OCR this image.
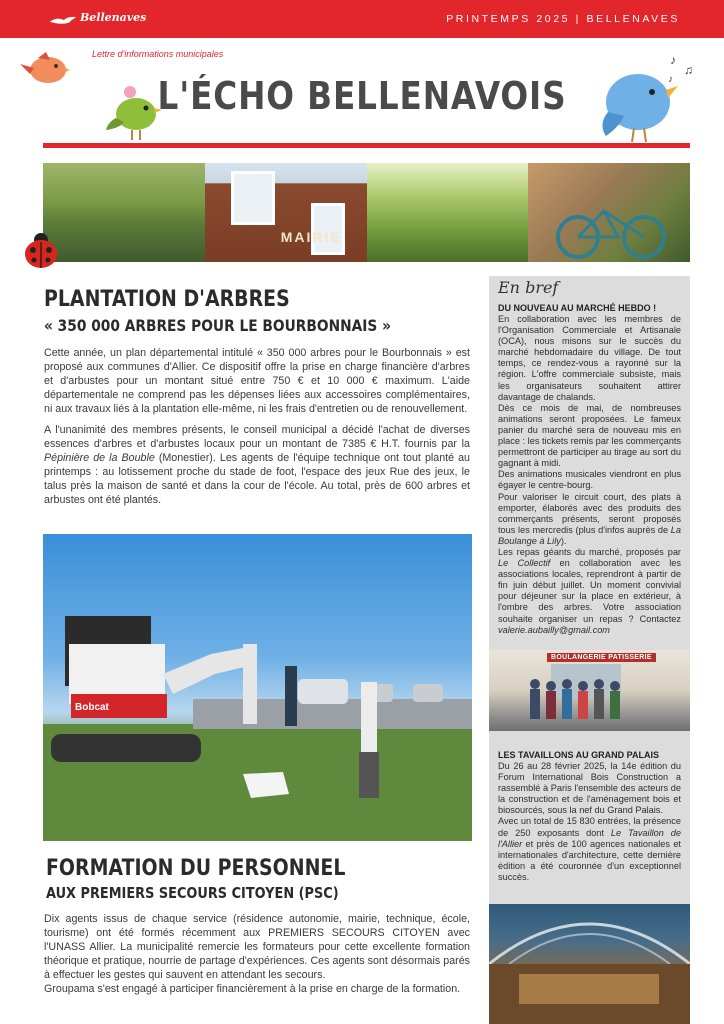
Bellenaves	PRINTEMPS 2025 | BELLENAVES
Lettre d'informations municipales	♪
♫
♪
L'ÉCHO BELLENAVOIS
MAIRIE
PLANTATION D'ARBRES
« 350 000 ARBRES POUR LE BOURBONNAIS »

Cette année, un plan départemental intitulé « 350 000 arbres pour le Bourbonnais » est proposé aux communes d'Allier. Ce dispositif offre la prise en charge financière d'arbres et d'arbustes pour un montant situé entre 750 € et 10 000 € maximum. L'aide départementale ne comprend pas les dépenses liées aux accessoires complémentaires, ni aux travaux liés à la plantation elle-même, ni les frais d'entretien ou de renouvellement.

A l'unanimité des membres présents, le conseil municipal a décidé l'achat de diverses essences d'arbres et d'arbustes locaux pour un montant de 7385 € H.T. fournis par la Pépinière de la Bouble (Monestier). Les agents de l'équipe technique ont tout planté au printemps : au lotissement proche du stade de foot, l'espace des jeux Rue des jeux, le talus près la maison de santé et dans la cour de l'école. Au total, près de 600 arbres et arbustes ont été plantés.

Bobcat
FORMATION DU PERSONNEL
AUX PREMIERS SECOURS CITOYEN (PSC)

Dix agents issus de chaque service (résidence autonomie, mairie, technique, école, tourisme) ont été formés récemment aux PREMIERS SECOURS CITOYEN avec l'UNASS Allier. La municipalité remercie les formateurs pour cette excellente formation théorique et pratique, nourrie de partage d'expériences. Ces agents sont désormais parés à effectuer les gestes qui sauvent en attendant les secours.

Groupama s'est engagé à participer financièrement à la prise en charge de la formation.

En bref
DU NOUVEAU AU MARCHÉ HEBDO !

En collaboration avec les membres de l'Organisation Commerciale et Artisanale (OCA), nous misons sur le succès du marché hebdomadaire du village. De tout temps, ce rendez-vous a rayonné sur la région. L'offre commerciale subsiste, mais les organisateurs souhaitent attirer davantage de chalands.

Dès ce mois de mai, de nombreuses animations seront proposées. Le fameux panier du marché sera de nouveau mis en place : les tickets remis par les commerçants permettront de participer au tirage au sort du gagnant à midi.

Des animations musicales viendront en plus égayer le centre-bourg.

Pour valoriser le circuit court, des plats à emporter, élaborés avec des produits des commerçants présents, seront proposés tous les mercredis (plus d'infos auprès de La Boulange à Lily).

Les repas géants du marché, proposés par Le Collectif en collaboration avec les associations locales, reprendront à partir de fin juin début juillet. Un moment convivial pour déjeuner sur la place en extérieur, à l'ombre des arbres. Votre association souhaite organiser un repas ? Contactez valerie.aubailly@gmail.com

BOULANGERIE PATISSERIE
LES TAVAILLONS AU GRAND PALAIS

Du 26 au 28 février 2025, la 14e édition du Forum International Bois Construction a rassemblé à Paris l'ensemble des acteurs de la construction et de l'aménagement bois et biosourcés, sous la nef du Grand Palais.

Avec un total de 15 830 entrées, la présence de 250 exposants dont Le Tavaillon de l'Allier et près de 100 agences nationales et internationales d'architecture, cette dernière édition a été couronnée d'un exceptionnel succès.
